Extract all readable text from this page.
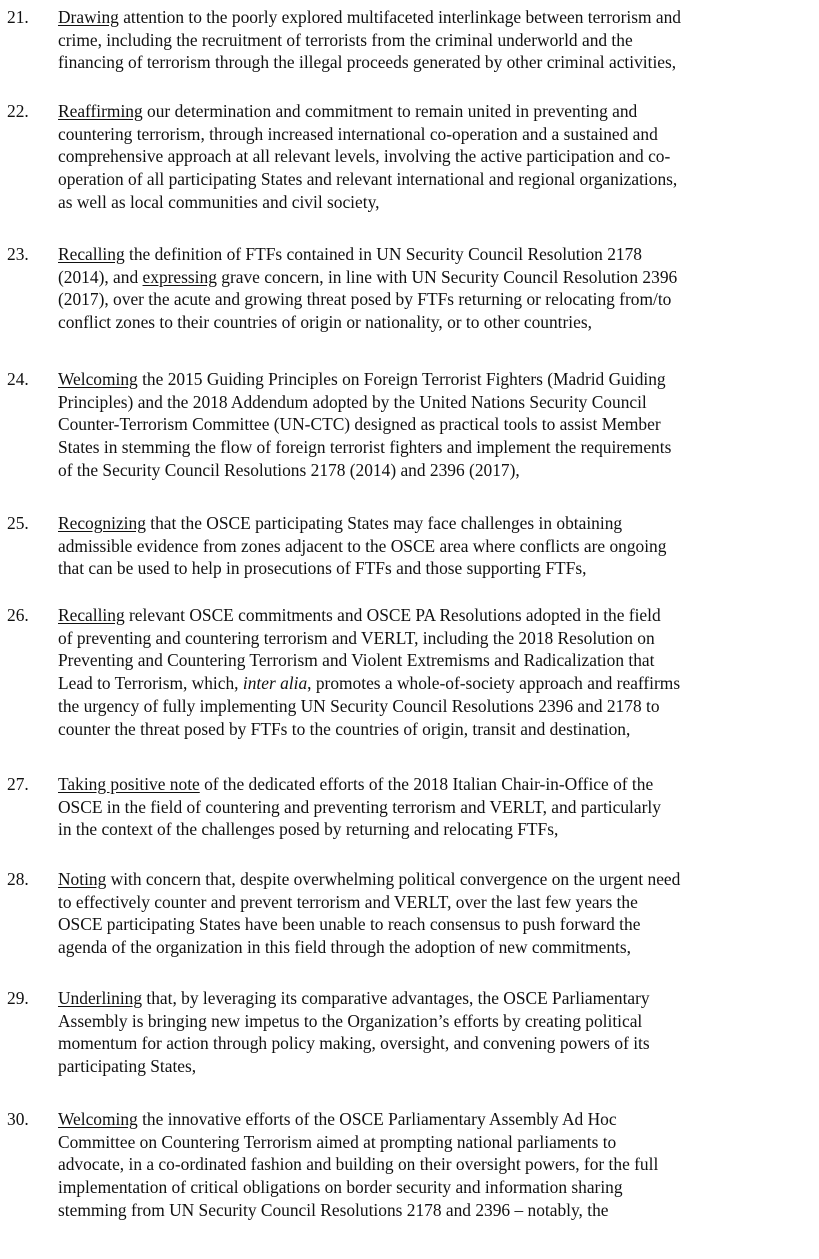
21. Drawing attention to the poorly explored multifaceted interlinkage between terrorism and
crime, including the recruitment of terrorists from the criminal underworld and the
financing of terrorism through the illegal proceeds generated by other criminal activities,
22. Reaffirming our determination and commitment to remain united in preventing and
countering terrorism, through increased international co-operation and a sustained and
comprehensive approach at all relevant levels, involving the active participation and co-
operation of all participating States and relevant international and regional organizations,
as well as local communities and civil society,
23. Recalling the definition of FTFs contained in UN Security Council Resolution 2178
(2014), and expressing grave concern, in line with UN Security Council Resolution 2396
(2017), over the acute and growing threat posed by FTFs returning or relocating from/to
conflict zones to their countries of origin or nationality, or to other countries,
24. Welcoming the 2015 Guiding Principles on Foreign Terrorist Fighters (Madrid Guiding
Principles) and the 2018 Addendum adopted by the United Nations Security Council
Counter-Terrorism Committee (UN-CTC) designed as practical tools to assist Member
States in stemming the flow of foreign terrorist fighters and implement the requirements
of the Security Council Resolutions 2178 (2014) and 2396 (2017),
25. Recognizing that the OSCE participating States may face challenges in obtaining
admissible evidence from zones adjacent to the OSCE area where conflicts are ongoing
that can be used to help in prosecutions of FTFs and those supporting FTFs,
26. Recalling relevant OSCE commitments and OSCE PA Resolutions adopted in the field
of preventing and countering terrorism and VERLT, including the 2018 Resolution on
Preventing and Countering Terrorism and Violent Extremisms and Radicalization that
Lead to Terrorism, which, inter alia, promotes a whole-of-society approach and reaffirms
the urgency of fully implementing UN Security Council Resolutions 2396 and 2178 to
counter the threat posed by FTFs to the countries of origin, transit and destination,
27. Taking positive note of the dedicated efforts of the 2018 Italian Chair-in-Office of the
OSCE in the field of countering and preventing terrorism and VERLT, and particularly
in the context of the challenges posed by returning and relocating FTFs,
28. Noting with concern that, despite overwhelming political convergence on the urgent need
to effectively counter and prevent terrorism and VERLT, over the last few years the
OSCE participating States have been unable to reach consensus to push forward the
agenda of the organization in this field through the adoption of new commitments,
29. Underlining that, by leveraging its comparative advantages, the OSCE Parliamentary
Assembly is bringing new impetus to the Organization’s efforts by creating political
momentum for action through policy making, oversight, and convening powers of its
participating States,
30. Welcoming the innovative efforts of the OSCE Parliamentary Assembly Ad Hoc
Committee on Countering Terrorism aimed at prompting national parliaments to
advocate, in a co-ordinated fashion and building on their oversight powers, for the full
implementation of critical obligations on border security and information sharing
stemming from UN Security Council Resolutions 2178 and 2396 – notably, the
